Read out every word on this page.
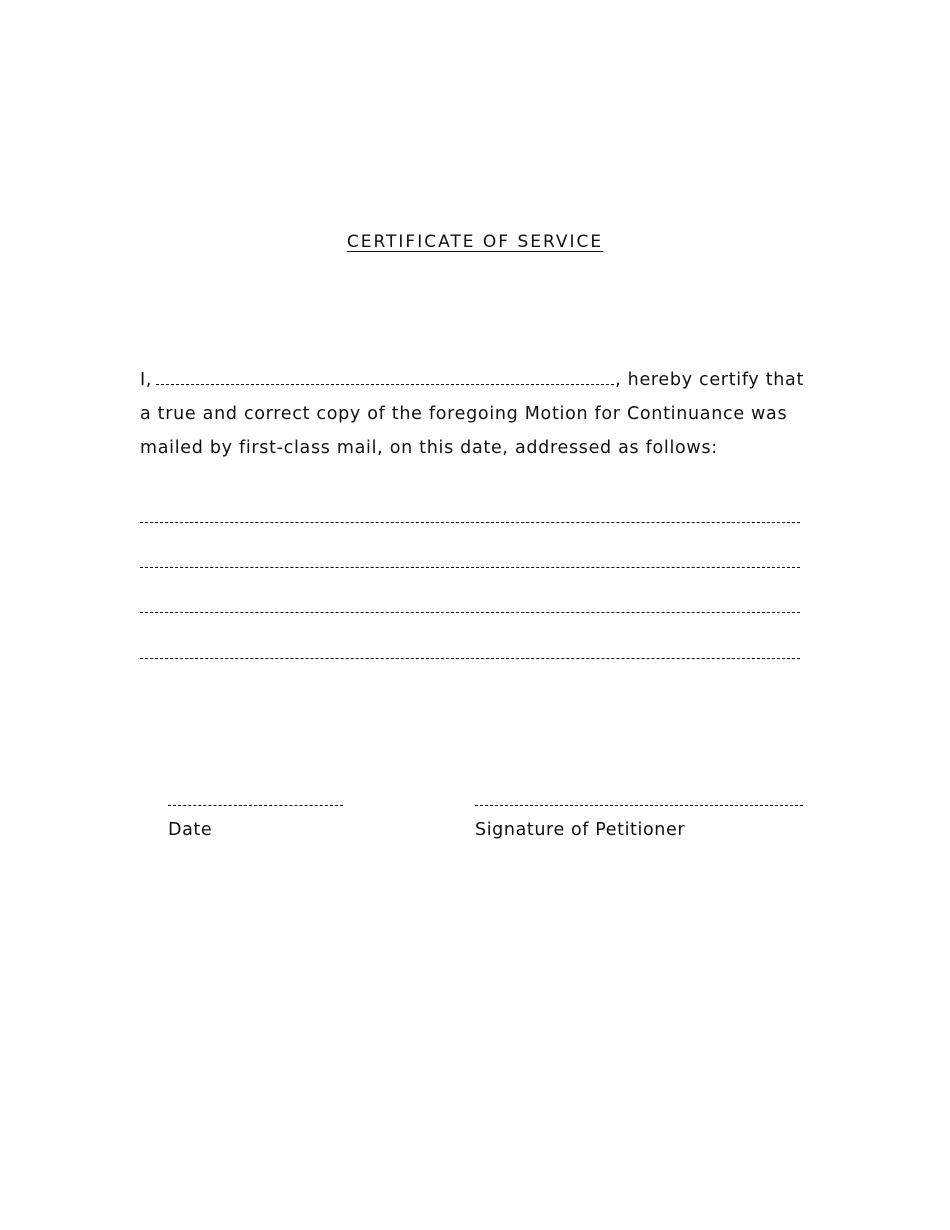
CERTIFICATE OF SERVICE
I,	, hereby certify that
a true and correct copy of the foregoing Motion for Continuance was
mailed by first-class mail, on this date, addressed as follows:
Date	Signature of Petitioner
